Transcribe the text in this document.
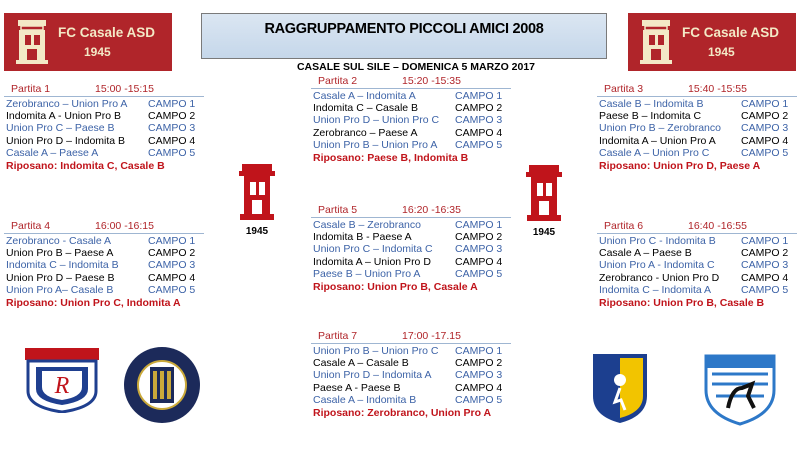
FC Casale ASD
1945
FC Casale ASD
1945
RAGGRUPPAMENTO PICCOLI AMICI 2008
CASALE SUL SILE – DOMENICA 5 MARZO 2017
Partita 1	15:00 -15:15
Zerobranco – Union Pro A CAMPO 1
Indomita A - Union Pro B	CAMPO 2
Union Pro C – Paese B	CAMPO 3
Union Pro D – Indomita B CAMPO 4
Casale A – Paese A	CAMPO 5
Riposano: Indomita C, Casale B
Partita 2	15:20 -15:35
Casale A – Indomita A	CAMPO 1
Indomita C – Casale B	CAMPO 2
Union Pro D – Union Pro C CAMPO 3
Zerobranco – Paese A	CAMPO 4
Union Pro B – Union Pro A CAMPO 5
Riposano: Paese B, Indomita B
Partita 3	15:40 -15:55
Casale B – Indomita B	CAMPO 1
Paese B – Indomita C	CAMPO 2
Union Pro B – Zerobranco CAMPO 3
Indomita A – Union Pro A CAMPO 4
Casale A – Union Pro C	CAMPO 5
Riposano: Union Pro D, Paese A
Partita 4	16:00 -16:15
Zerobranco - Casale A	CAMPO 1
Union Pro B – Paese A	CAMPO 2
Indomita C – Indomita B	CAMPO 3
Union Pro D – Paese B	CAMPO 4
Union Pro A– Casale B	CAMPO 5
Riposano: Union Pro C, Indomita A
Partita 5	16:20 -16:35
Casale B – Zerobranco	CAMPO 1
Indomita B - Paese A	CAMPO 2
Union Pro C – Indomita C CAMPO 3
Indomita A – Union Pro D CAMPO 4
Paese B – Union Pro A	CAMPO 5
Riposano: Union Pro B, Casale A
Partita 6	16:40 -16:55
Union Pro C - Indomita B CAMPO 1
Casale A – Paese B	CAMPO 2
Union Pro A - Indomita C	CAMPO 3
Zerobranco - Union Pro D CAMPO 4
Indomita C – Indomita A	CAMPO 5
Riposano: Union Pro B, Casale B
Partita 7	17:00 -17.15
Union Pro B – Union Pro C CAMPO 1
Casale A – Casale B	CAMPO 2
Union Pro D – Indomita A CAMPO 3
Paese A - Paese B	CAMPO 4
Casale A – Indomita B	CAMPO 5
Riposano: Zerobranco, Union Pro A
1945	1945
R
